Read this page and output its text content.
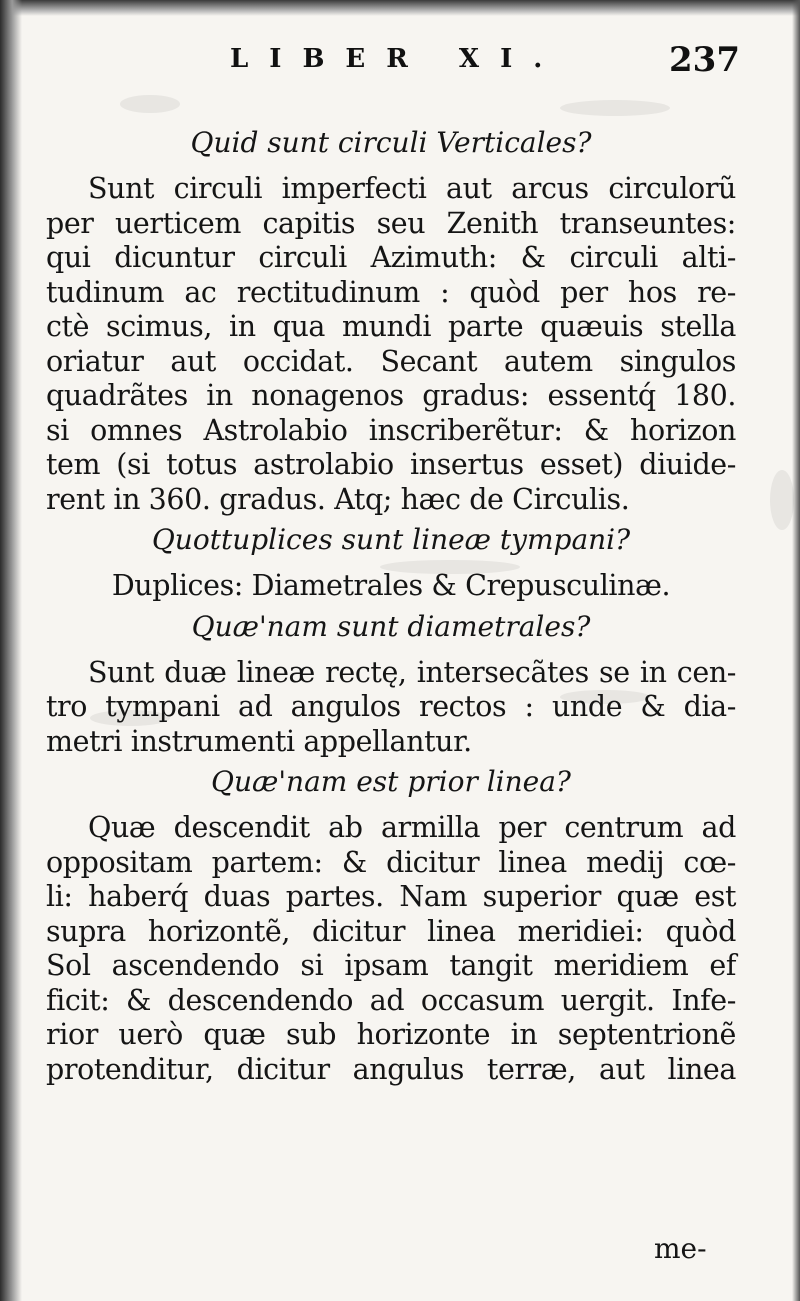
LIBER XI.	237
Quid sunt circuli Verticales?
Sunt circuli imperfecti aut arcus circulorũ
per uerticem capitis seu Zenith transeuntes:
qui dicuntur circuli Azimuth: & circuli alti-
tudinum ac rectitudinum : quòd per hos re-
ctè scimus, in qua mundi parte quæuis stella
oriatur aut occidat. Secant autem singulos
quadrãtes in nonagenos gradus: essentq́ 180.
si omnes Astrolabio inscriberẽtur: & horizon
tem (si totus astrolabio insertus esset) diuide-
rent in 360. gradus. Atq; hæc de Circulis.
Quottuplices sunt lineæ tympani?
Duplices: Diametrales & Crepusculinæ.
Quæ'nam sunt diametrales?
Sunt duæ lineæ rectę, intersecãtes se in cen-
tro tympani ad angulos rectos : unde & dia-
metri instrumenti appellantur.
Quæ'nam est prior linea?
Quæ descendit ab armilla per centrum ad
oppositam partem: & dicitur linea medij cœ-
li: haberq́ duas partes. Nam superior quæ est
supra horizontẽ, dicitur linea meridiei: quòd
Sol ascendendo si ipsam tangit meridiem ef
ficit: & descendendo ad occasum uergit. Infe-
rior uerò quæ sub horizonte in septentrionẽ
protenditur, dicitur angulus terræ, aut linea
me-
